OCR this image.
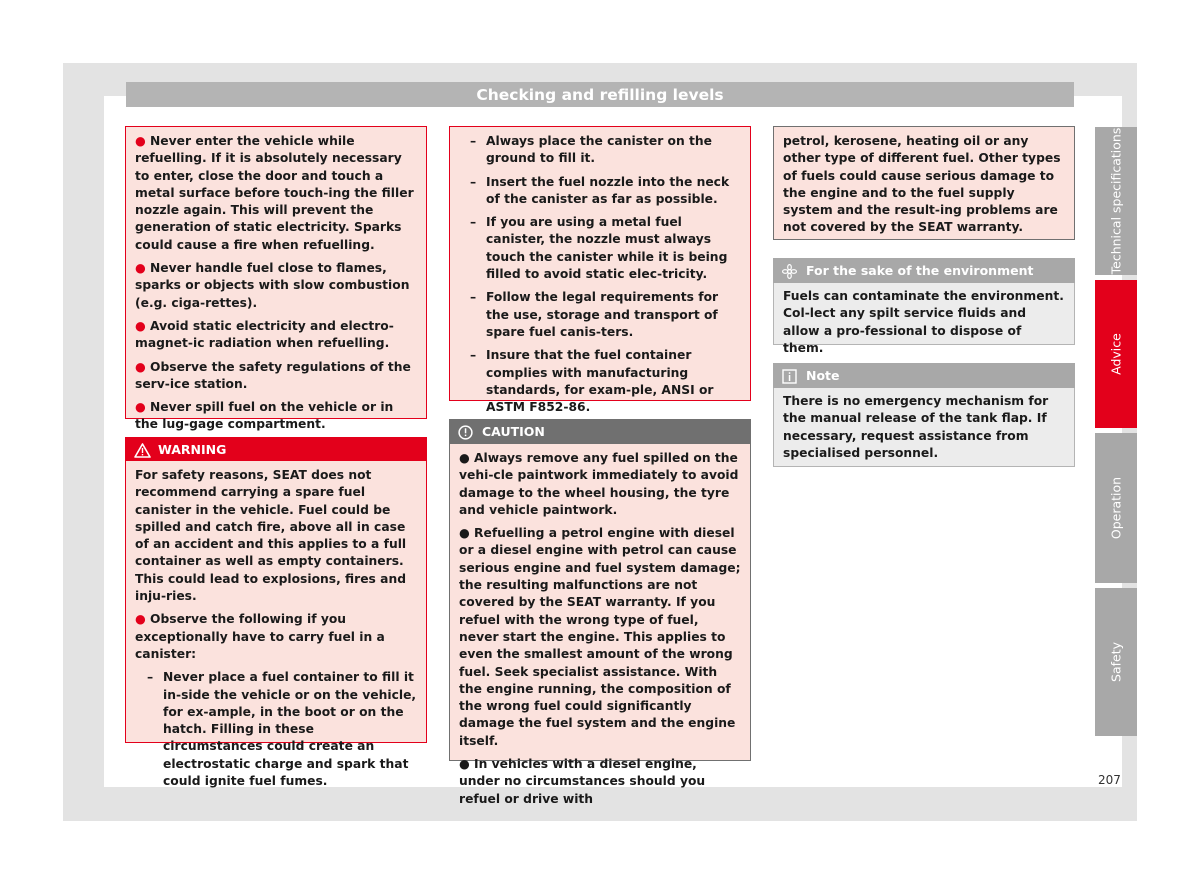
Checking and refilling levels

● Never enter the vehicle while refuelling. If it is absolutely necessary to enter, close the door and touch a metal surface before touch-ing the filler nozzle again. This will prevent the generation of static electricity. Sparks could cause a fire when refuelling.

● Never handle fuel close to flames, sparks or objects with slow combustion (e.g. ciga-rettes).

● Avoid static electricity and electro-magnet-ic radiation when refuelling.

● Observe the safety regulations of the serv-ice station.

● Never spill fuel on the vehicle or in the lug-gage compartment.

WARNING

For safety reasons, SEAT does not recommend carrying a spare fuel canister in the vehicle. Fuel could be spilled and catch fire, above all in case of an accident and this applies to a full container as well as empty containers. This could lead to explosions, fires and inju-ries.

● Observe the following if you exceptionally have to carry fuel in a canister:

– Never place a fuel container to fill it in-side the vehicle or on the vehicle, for ex-ample, in the boot or on the hatch. Filling in these circumstances could create an electrostatic charge and spark that could ignite fuel fumes.
– Always place the canister on the ground to fill it.
– Insert the fuel nozzle into the neck of the canister as far as possible.
– If you are using a metal fuel canister, the nozzle must always touch the canister while it is being filled to avoid static elec-tricity.
– Follow the legal requirements for the use, storage and transport of spare fuel canis-ters.
– Insure that the fuel container complies with manufacturing standards, for exam-ple, ANSI or ASTM F852-86.
CAUTION

● Always remove any fuel spilled on the vehi-cle paintwork immediately to avoid damage to the wheel housing, the tyre and vehicle paintwork.

● Refuelling a petrol engine with diesel or a diesel engine with petrol can cause serious engine and fuel system damage; the resulting malfunctions are not covered by the SEAT warranty. If you refuel with the wrong type of fuel, never start the engine. This applies to even the smallest amount of the wrong fuel. Seek specialist assistance. With the engine running, the composition of the wrong fuel could significantly damage the fuel system and the engine itself.

● In vehicles with a diesel engine, under no circumstances should you refuel or drive with

petrol, kerosene, heating oil or any other type of different fuel. Other types of fuels could cause serious damage to the engine and to the fuel supply system and the result-ing problems are not covered by the SEAT warranty.

For the sake of the environment

Fuels can contaminate the environment. Col-lect any spilt service fluids and allow a pro-fessional to dispose of them.

Note

There is no emergency mechanism for the manual release of the tank flap. If necessary, request assistance from specialised personnel.

Technical specifications
Advice
Operation
Safety
207
